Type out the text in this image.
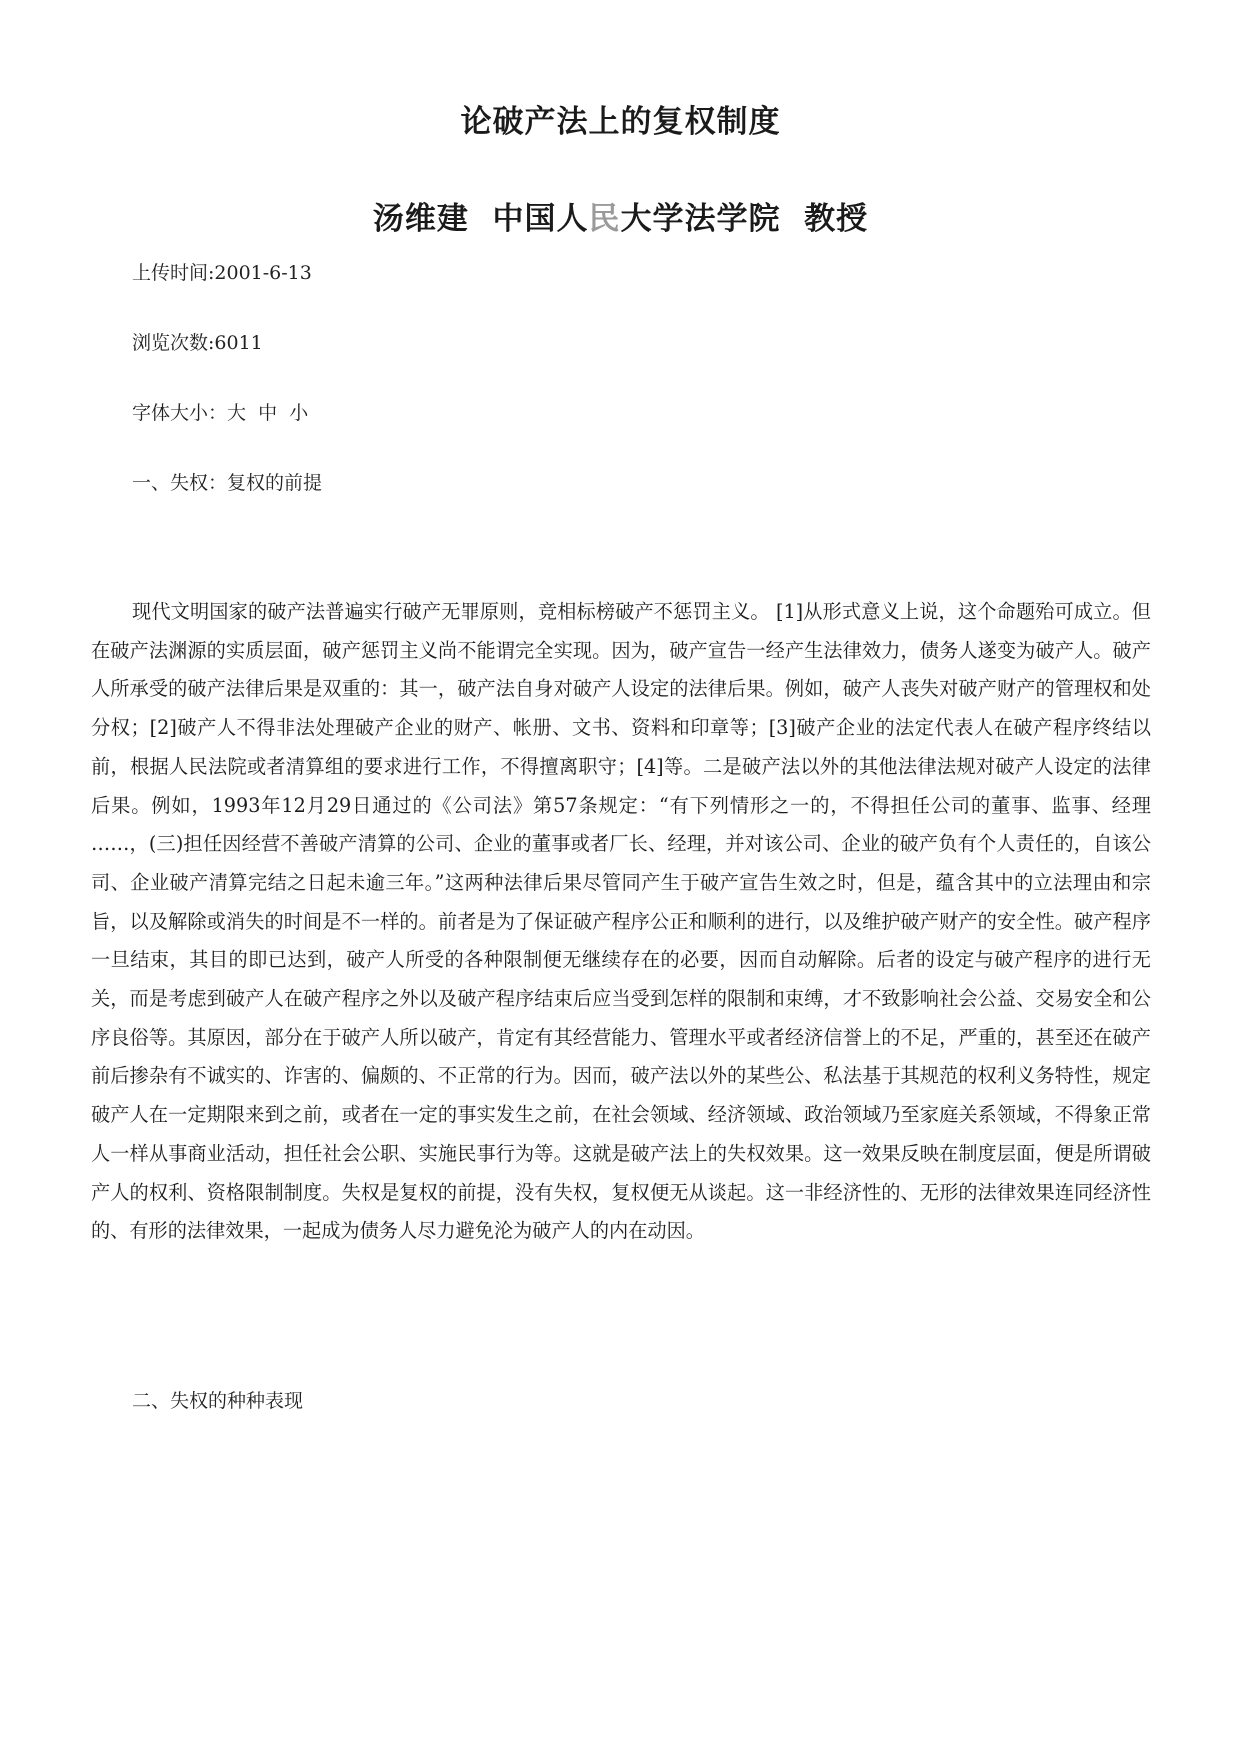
论破产法上的复权制度
汤维建 中国人民大学法学院 教授
上传时间:2001-6-13
浏览次数:6011
字体大小：大 中 小
一、失权：复权的前提

现代文明国家的破产法普遍实行破产无罪原则，竞相标榜破产不惩罚主义。 [1]从形式意义上说，这个命题殆可成立。但在破产法渊源的实质层面，破产惩罚主义尚不能谓完全实现。因为，破产宣告一经产生法律效力，债务人遂变为破产人。破产人所承受的破产法律后果是双重的：其一，破产法自身对破产人设定的法律后果。例如，破产人丧失对破产财产的管理权和处分权；[2]破产人不得非法处理破产企业的财产、帐册、文书、资料和印章等；[3]破产企业的法定代表人在破产程序终结以前，根据人民法院或者清算组的要求进行工作，不得擅离职守；[4]等。二是破产法以外的其他法律法规对破产人设定的法律后果。例如，1993年12月29日通过的《公司法》第57条规定：“有下列情形之一的，不得担任公司的董事、监事、经理 ……，(三)担任因经营不善破产清算的公司、企业的董事或者厂长、经理，并对该公司、企业的破产负有个人责任的，自该公司、企业破产清算完结之日起未逾三年。”这两种法律后果尽管同产生于破产宣告生效之时，但是，蕴含其中的立法理由和宗旨，以及解除或消失的时间是不一样的。前者是为了保证破产程序公正和顺利的进行，以及维护破产财产的安全性。破产程序一旦结束，其目的即已达到，破产人所受的各种限制便无继续存在的必要，因而自动解除。后者的设定与破产程序的进行无关，而是考虑到破产人在破产程序之外以及破产程序结束后应当受到怎样的限制和束缚，才不致影响社会公益、交易安全和公序良俗等。其原因，部分在于破产人所以破产，肯定有其经营能力、管理水平或者经济信誉上的不足，严重的，甚至还在破产前后掺杂有不诚实的、诈害的、偏颇的、不正常的行为。因而，破产法以外的某些公、私法基于其规范的权利义务特性，规定破产人在一定期限来到之前，或者在一定的事实发生之前，在社会领域、经济领域、政治领域乃至家庭关系领域，不得象正常人一样从事商业活动，担任社会公职、实施民事行为等。这就是破产法上的失权效果。这一效果反映在制度层面，便是所谓破产人的权利、资格限制制度。失权是复权的前提，没有失权，复权便无从谈起。这一非经济性的、无形的法律效果连同经济性的、有形的法律效果，一起成为债务人尽力避免沦为破产人的内在动因。

二、失权的种种表现
